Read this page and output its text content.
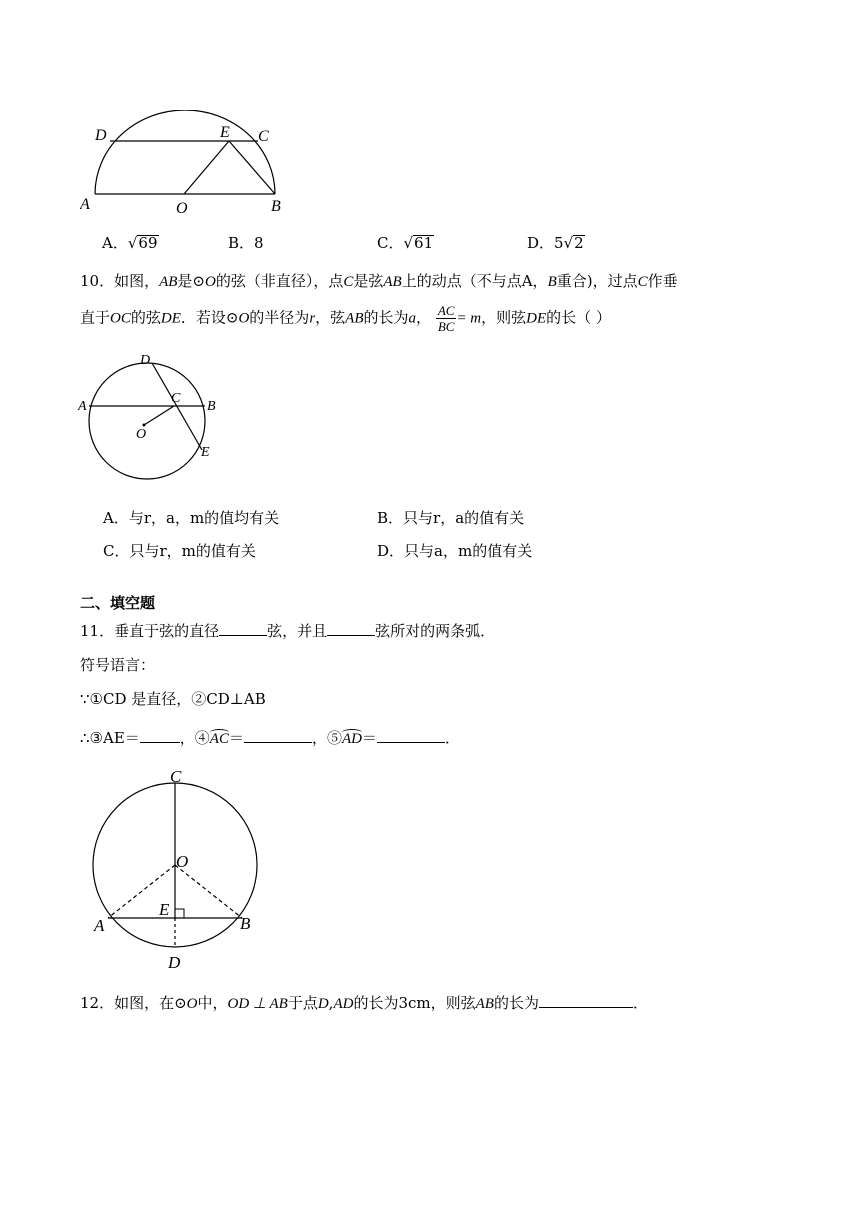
D	E C
A	O	B
A．√69	B．8	C．√61	D．5√2
10．如图，AB是⊙O的弦（非直径），点C是弦AB上的动点（不与点A，B重合)，过点C作垂
直于OC的弦DE．若设⊙O的半径为r，弦AB的长为a， $\frac{AC}{BC} = m$，则弦DE的长（ ）
D
A
C
B
O
E
A．与r，a，m的值均有关	B．只与r，a的值有关
C．只与r，m的值有关	D．只与a，m的值有关
二、填空题
11．垂直于弦的直径	弦，并且	弦所对的两条弧．
符号语言：
∵①CD 是直径，②CD⊥AB
∴③AE＝	，④AC＝	，⑤AD＝	．
C
O
E
A	B
D
12．如图，在⊙O中，OD ⊥ AB于点D,AD的长为3cm，则弦AB的长为	．
